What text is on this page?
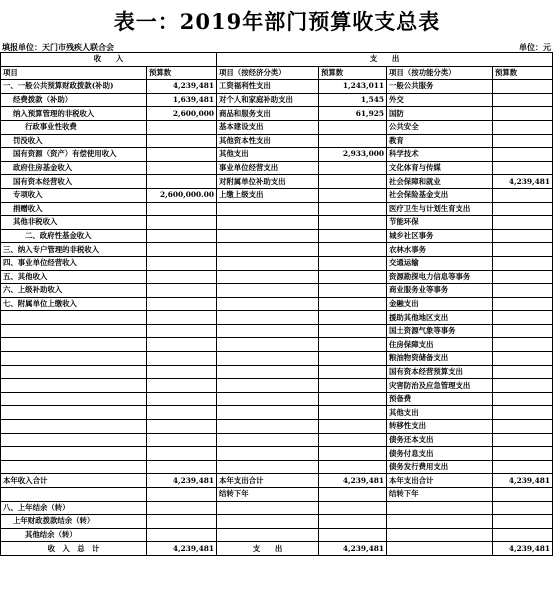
表一：2019年部门预算收支总表
填报单位：天门市残疾人联合会	单位：元
收　　入		支　　出			
项目	预算数	项目（按经济分类）	预算数	项目（按功能分类）	预算数
一、一般公共预算财政拨款(补助)	4,239,481	工资福利性支出	1,243,011	一般公共服务	
经费拨款（补助）	1,639,481	对个人和家庭补助支出	1,545	外交	
纳入预算管理的非税收入	2,600,000	商品和服务支出	61,925	国防	
行政事业性收费		基本建设支出		公共安全	
罚没收入		其他资本性支出		教育	
国有资源（资产）有偿使用收入		其他支出	2,933,000	科学技术	
政府住房基金收入		事业单位经营支出		文化体育与传媒	
国有资本经营收入		对附属单位补助支出		社会保障和就业	4,239,481
专项收入	2,600,000.00	上缴上级支出		社会保险基金支出	
捐赠收入				医疗卫生与计划生育支出	
其他非税收入				节能环保	
二、政府性基金收入				城乡社区事务	
三、纳入专户管理的非税收入				农林水事务	
四、事业单位经营收入				交通运输	
五、其他收入				资源勘探电力信息等事务	
六、上级补助收入				商业服务业等事务	
七、附属单位上缴收入				金融支出	
				援助其他地区支出	
				国土资源气象等事务	
				住房保障支出	
				粮油物资储备支出	
				国有资本经营预算支出	
				灾害防治及应急管理支出	
				预备费	
				其他支出	
				转移性支出	
				债务还本支出	
				债务付息支出	
				债务发行费用支出	
本年收入合计	4,239,481	本年支出合计	4,239,481	本年支出合计	4,239,481
		结转下年		结转下年	
八、上年结余（转）					
上年财政拨款结余（转）					
其他结余（转）					
收　入　总　计	4,239,481	支　　出	4,239,481		4,239,481
